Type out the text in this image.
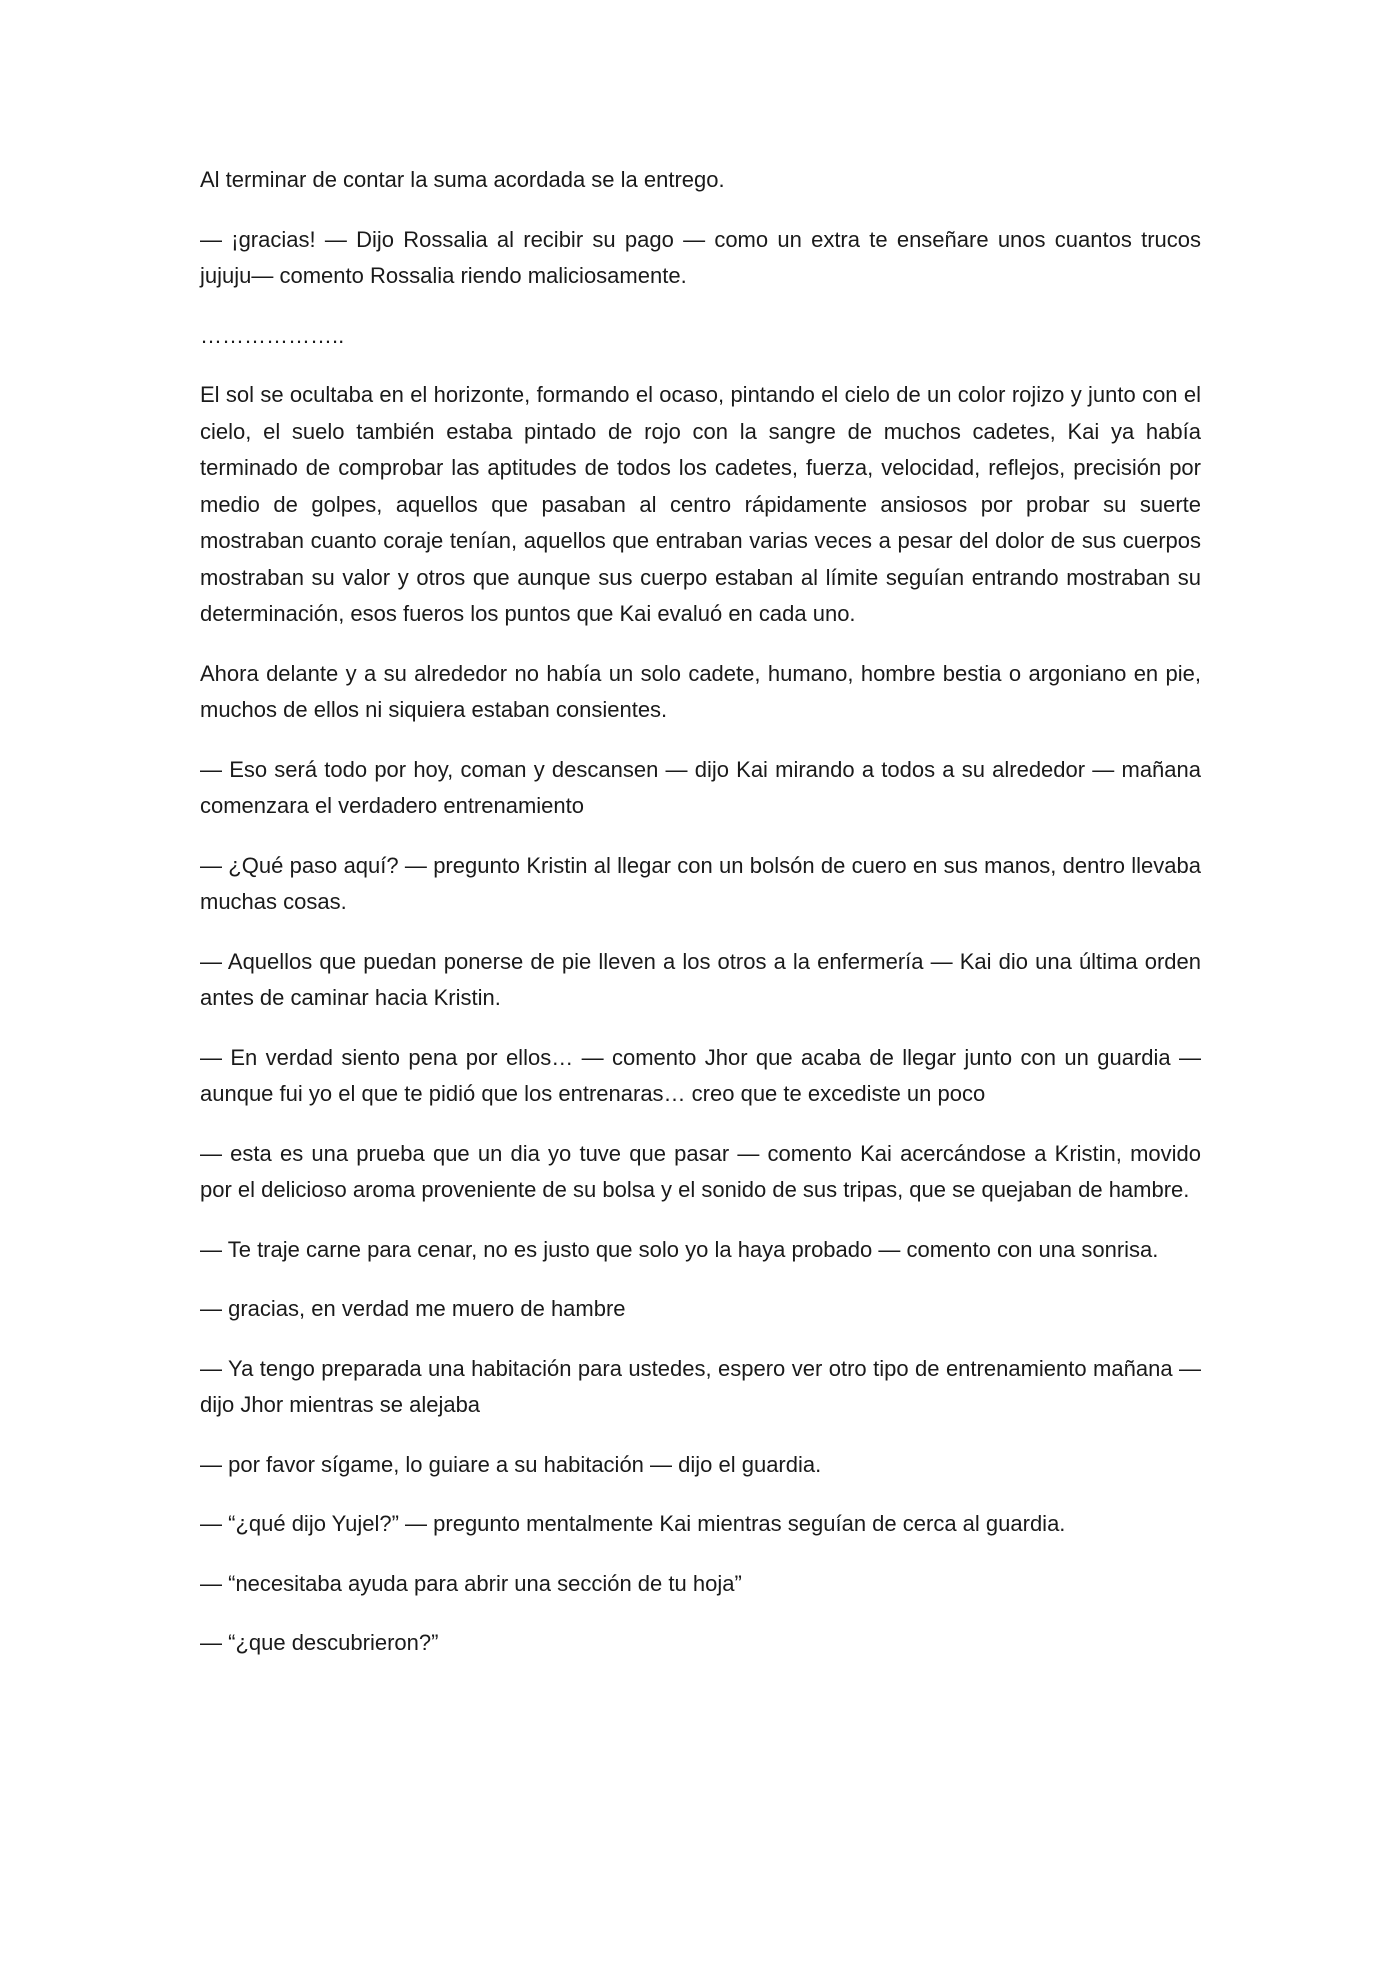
Al terminar de contar la suma acordada se la entrego.

— ¡gracias! — Dijo Rossalia al recibir su pago — como un extra te enseñare unos cuantos trucos jujuju— comento Rossalia riendo maliciosamente.

………………..

El sol se ocultaba en el horizonte, formando el ocaso, pintando el cielo de un color rojizo y junto con el cielo, el suelo también estaba pintado de rojo con la sangre de muchos cadetes, Kai ya había terminado de comprobar las aptitudes de todos los cadetes, fuerza, velocidad, reflejos, precisión por medio de golpes, aquellos que pasaban al centro rápidamente ansiosos por probar su suerte mostraban cuanto coraje tenían, aquellos que entraban varias veces a pesar del dolor de sus cuerpos mostraban su valor y otros que aunque sus cuerpo estaban al límite seguían entrando mostraban su determinación, esos fueros los puntos que Kai evaluó en cada uno.

Ahora delante y a su alrededor no había un solo cadete, humano, hombre bestia o argoniano en pie, muchos de ellos ni siquiera estaban consientes.

— Eso será todo por hoy, coman y descansen — dijo Kai mirando a todos a su alrededor — mañana comenzara el verdadero entrenamiento

— ¿Qué paso aquí? — pregunto Kristin al llegar con un bolsón de cuero en sus manos, dentro llevaba muchas cosas.

— Aquellos que puedan ponerse de pie lleven a los otros a la enfermería — Kai dio una última orden antes de caminar hacia Kristin.

— En verdad siento pena por ellos… — comento Jhor que acaba de llegar junto con un guardia — aunque fui yo el que te pidió que los entrenaras… creo que te excediste un poco

— esta es una prueba que un dia yo tuve que pasar — comento Kai acercándose a Kristin, movido por el delicioso aroma proveniente de su bolsa y el sonido de sus tripas, que se quejaban de hambre.

— Te traje carne para cenar, no es justo que solo yo la haya probado — comento con una sonrisa.

— gracias, en verdad me muero de hambre

— Ya tengo preparada una habitación para ustedes, espero ver otro tipo de entrenamiento mañana — dijo Jhor mientras se alejaba

— por favor sígame, lo guiare a su habitación — dijo el guardia.

— “¿qué dijo Yujel?” — pregunto mentalmente Kai mientras seguían de cerca al guardia.

— “necesitaba ayuda para abrir una sección de tu hoja”

— “¿que descubrieron?”
